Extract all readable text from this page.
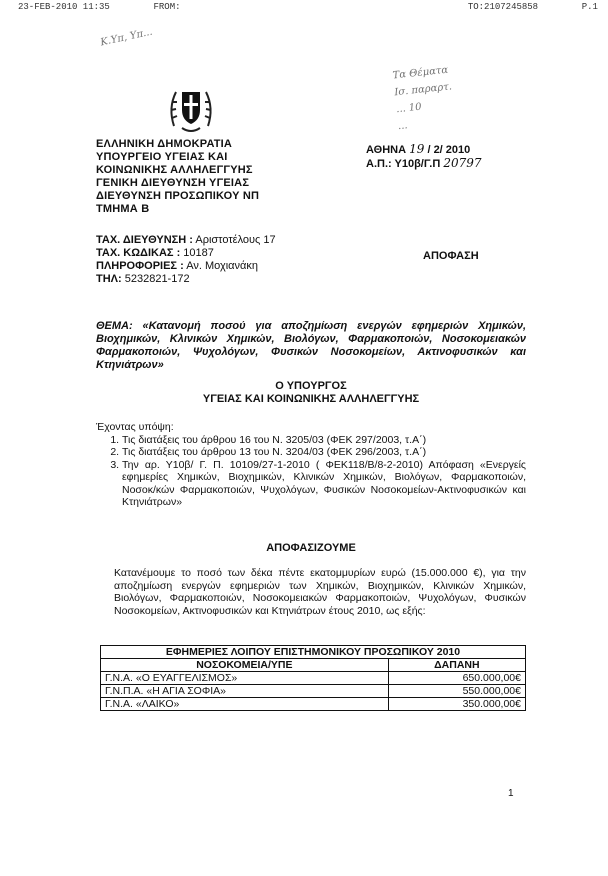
23-FEB-2010 11:35	FROM:	TO:2107245858	P.1
Κ.Υπ, Υπ...
Τα Θέματα
Ισ. παραρτ.
... 10
...
ΕΛΛΗΝΙΚΗ ΔΗΜΟΚΡΑΤΙΑ
ΥΠΟΥΡΓΕΙΟ ΥΓΕΙΑΣ ΚΑΙ
ΚΟΙΝΩΝΙΚΗΣ ΑΛΛΗΛΕΓΓΥΗΣ
ΓΕΝΙΚΗ ΔΙΕΥΘΥΝΣΗ ΥΓΕΙΑΣ
ΔΙΕΥΘΥΝΣΗ ΠΡΟΣΩΠΙΚΟΥ ΝΠ
ΤΜΗΜΑ Β
ΑΘΗΝΑ 19 / 2/ 2010
Α.Π.: Υ10β/Γ.Π 20797
ΤΑΧ. ΔΙΕΥΘΥΝΣΗ : Αριστοτέλους 17
ΤΑΧ. ΚΩΔΙΚΑΣ : 10187
ΠΛΗΡΟΦΟΡΙΕΣ : Αν. Μοχιανάκη
ΤΗΛ: 5232821-172
ΑΠΟΦΑΣΗ
ΘΕΜΑ: «Κατανομή ποσού για αποζημίωση ενεργών εφημεριών Χημικών, Βιοχημικών, Κλινικών Χημικών, Βιολόγων, Φαρμακοποιών, Νοσοκομειακών Φαρμακοποιών, Ψυχολόγων, Φυσικών Νοσοκομείων, Ακτινοφυσικών και Κτηνιάτρων»
Ο ΥΠΟΥΡΓΟΣ
ΥΓΕΙΑΣ ΚΑΙ ΚΟΙΝΩΝΙΚΗΣ ΑΛΛΗΛΕΓΓΥΗΣ
Έχοντας υπόψη:
1. Τις διατάξεις του άρθρου 16 του Ν. 3205/03 (ΦΕΚ 297/2003, τ.Α΄)
2. Τις διατάξεις του άρθρου 13 του Ν. 3204/03 (ΦΕΚ 296/2003, τ.Α΄)
3. Την αρ. Υ10β/ Γ. Π. 10109/27-1-2010 ( ΦΕΚ118/Β/8-2-2010) Απόφαση «Ενεργείς εφημερίες Χημικών, Βιοχημικών, Κλινικών Χημικών, Βιολόγων, Φαρμακοποιών, Νοσοκ/κών Φαρμακοποιών, Ψυχολόγων, Φυσικών Νοσοκομείων-Ακτινοφυσικών και Κτηνιάτρων»
ΑΠΟΦΑΣΙΖΟΥΜΕ
Κατανέμουμε το ποσό των δέκα πέντε εκατομμυρίων ευρώ (15.000.000 €), για την αποζημίωση ενεργών εφημεριών των Χημικών, Βιοχημικών, Κλινικών Χημικών, Βιολόγων, Φαρμακοποιών, Νοσοκομειακών Φαρμακοποιών, Ψυχολόγων, Φυσικών Νοσοκομείων, Ακτινοφυσικών και Κτηνιάτρων έτους 2010, ως εξής:
ΕΦΗΜΕΡΙΕΣ ΛΟΙΠΟΥ ΕΠΙΣΤΗΜΟΝΙΚΟΥ ΠΡΟΣΩΠΙΚΟΥ 2010	
ΝΟΣΟΚΟΜΕΙΑ/ΥΠΕ	ΔΑΠΑΝΗ
Γ.Ν.Α. «Ο ΕΥΑΓΓΕΛΙΣΜΟΣ»	650.000,00€
Γ.Ν.Π.Α. «Η ΑΓΙΑ ΣΟΦΙΑ»	550.000,00€
Γ.Ν.Α. «ΛΑΙΚΟ»	350.000,00€
1
